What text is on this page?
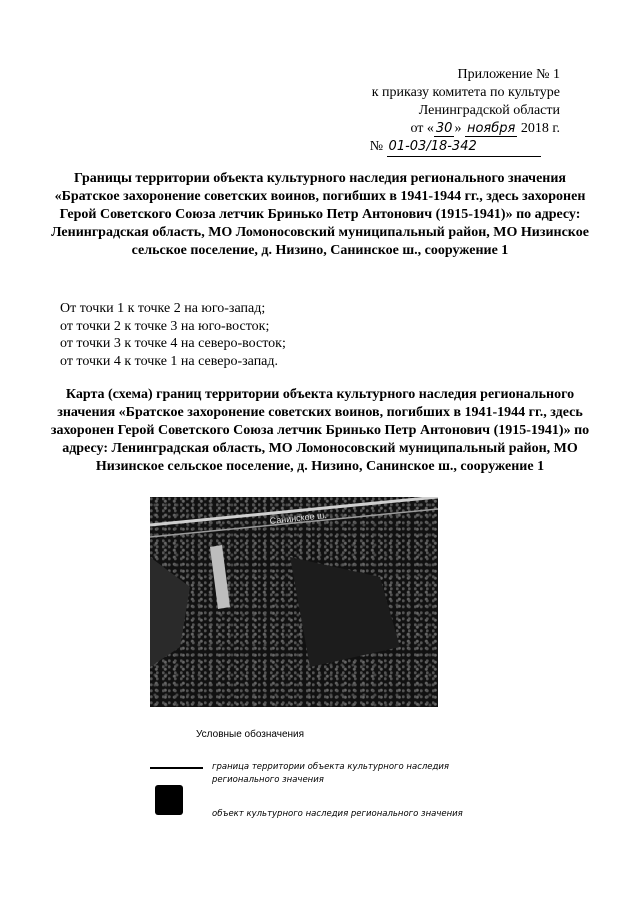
Приложение № 1
к приказу комитета по культуре
Ленинградской области
от « 30 » ноября 2018 г.
№ 01-03/18-342
Границы территории объекта культурного наследия регионального значения «Братское захоронение советских воинов, погибших в 1941-1944 гг., здесь захоронен Герой Советского Союза летчик Бринько Петр Антонович (1915-1941)» по адресу: Ленинградская область, МО Ломоносовский муниципальный район, МО Низинское сельское поселение, д. Низино, Санинское ш., сооружение 1
От точки 1 к точке 2 на юго-запад;
от точки 2 к точке 3 на юго-восток;
от точки 3 к точке 4 на северо-восток;
от точки 4 к точке 1 на северо-запад.
Карта (схема) границ территории объекта культурного наследия регионального значения «Братское захоронение советских воинов, погибших в 1941-1944 гг., здесь захоронен Герой Советского Союза летчик Бринько Петр Антонович (1915-1941)» по адресу: Ленинградская область, МО Ломоносовский муниципальный район, МО Низинское сельское поселение, д. Низино, Санинское ш., сооружение 1
Санинское ш.
Условные обозначения
граница территории объекта культурного наследия регионального значения
объект культурного наследия регионального значения
